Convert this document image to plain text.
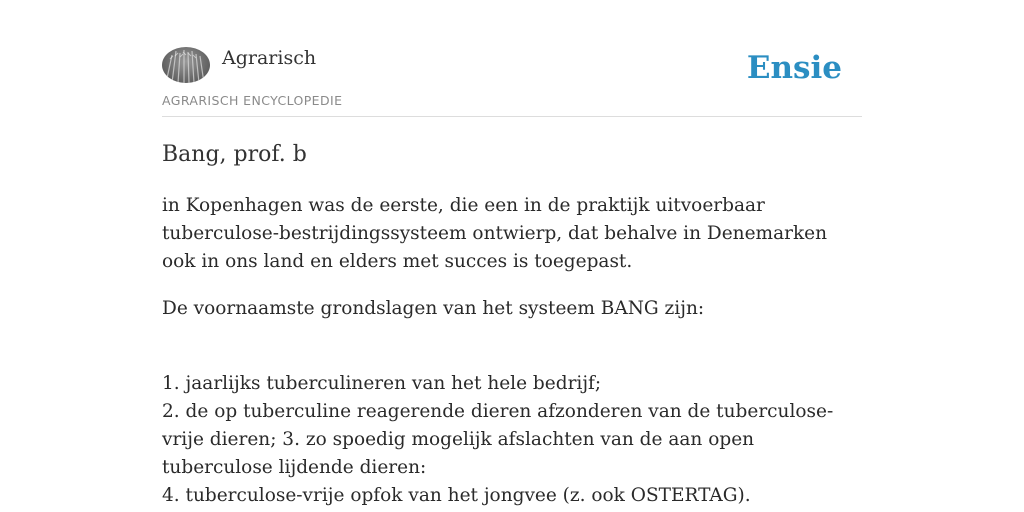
Agrarisch
AGRARISCH ENCYCLOPEDIE
Ensie
Bang, prof. b

in Kopenhagen was de eerste, die een in de praktijk uitvoerbaar tuberculose-bestrijdingssysteem ontwierp, dat behalve in Denemarken ook in ons land en elders met succes is toegepast.

De voornaamste grondslagen van het systeem BANG zijn:

1. jaarlijks tuberculineren van het hele bedrijf;
2. de op tuberculine reagerende dieren afzonderen van de tuberculose-vrije dieren; 3. zo spoedig mogelijk afslachten van de aan open tuberculose lijdende dieren:
4. tuberculose-vrije opfok van het jongvee (z. ook OSTERTAG).
